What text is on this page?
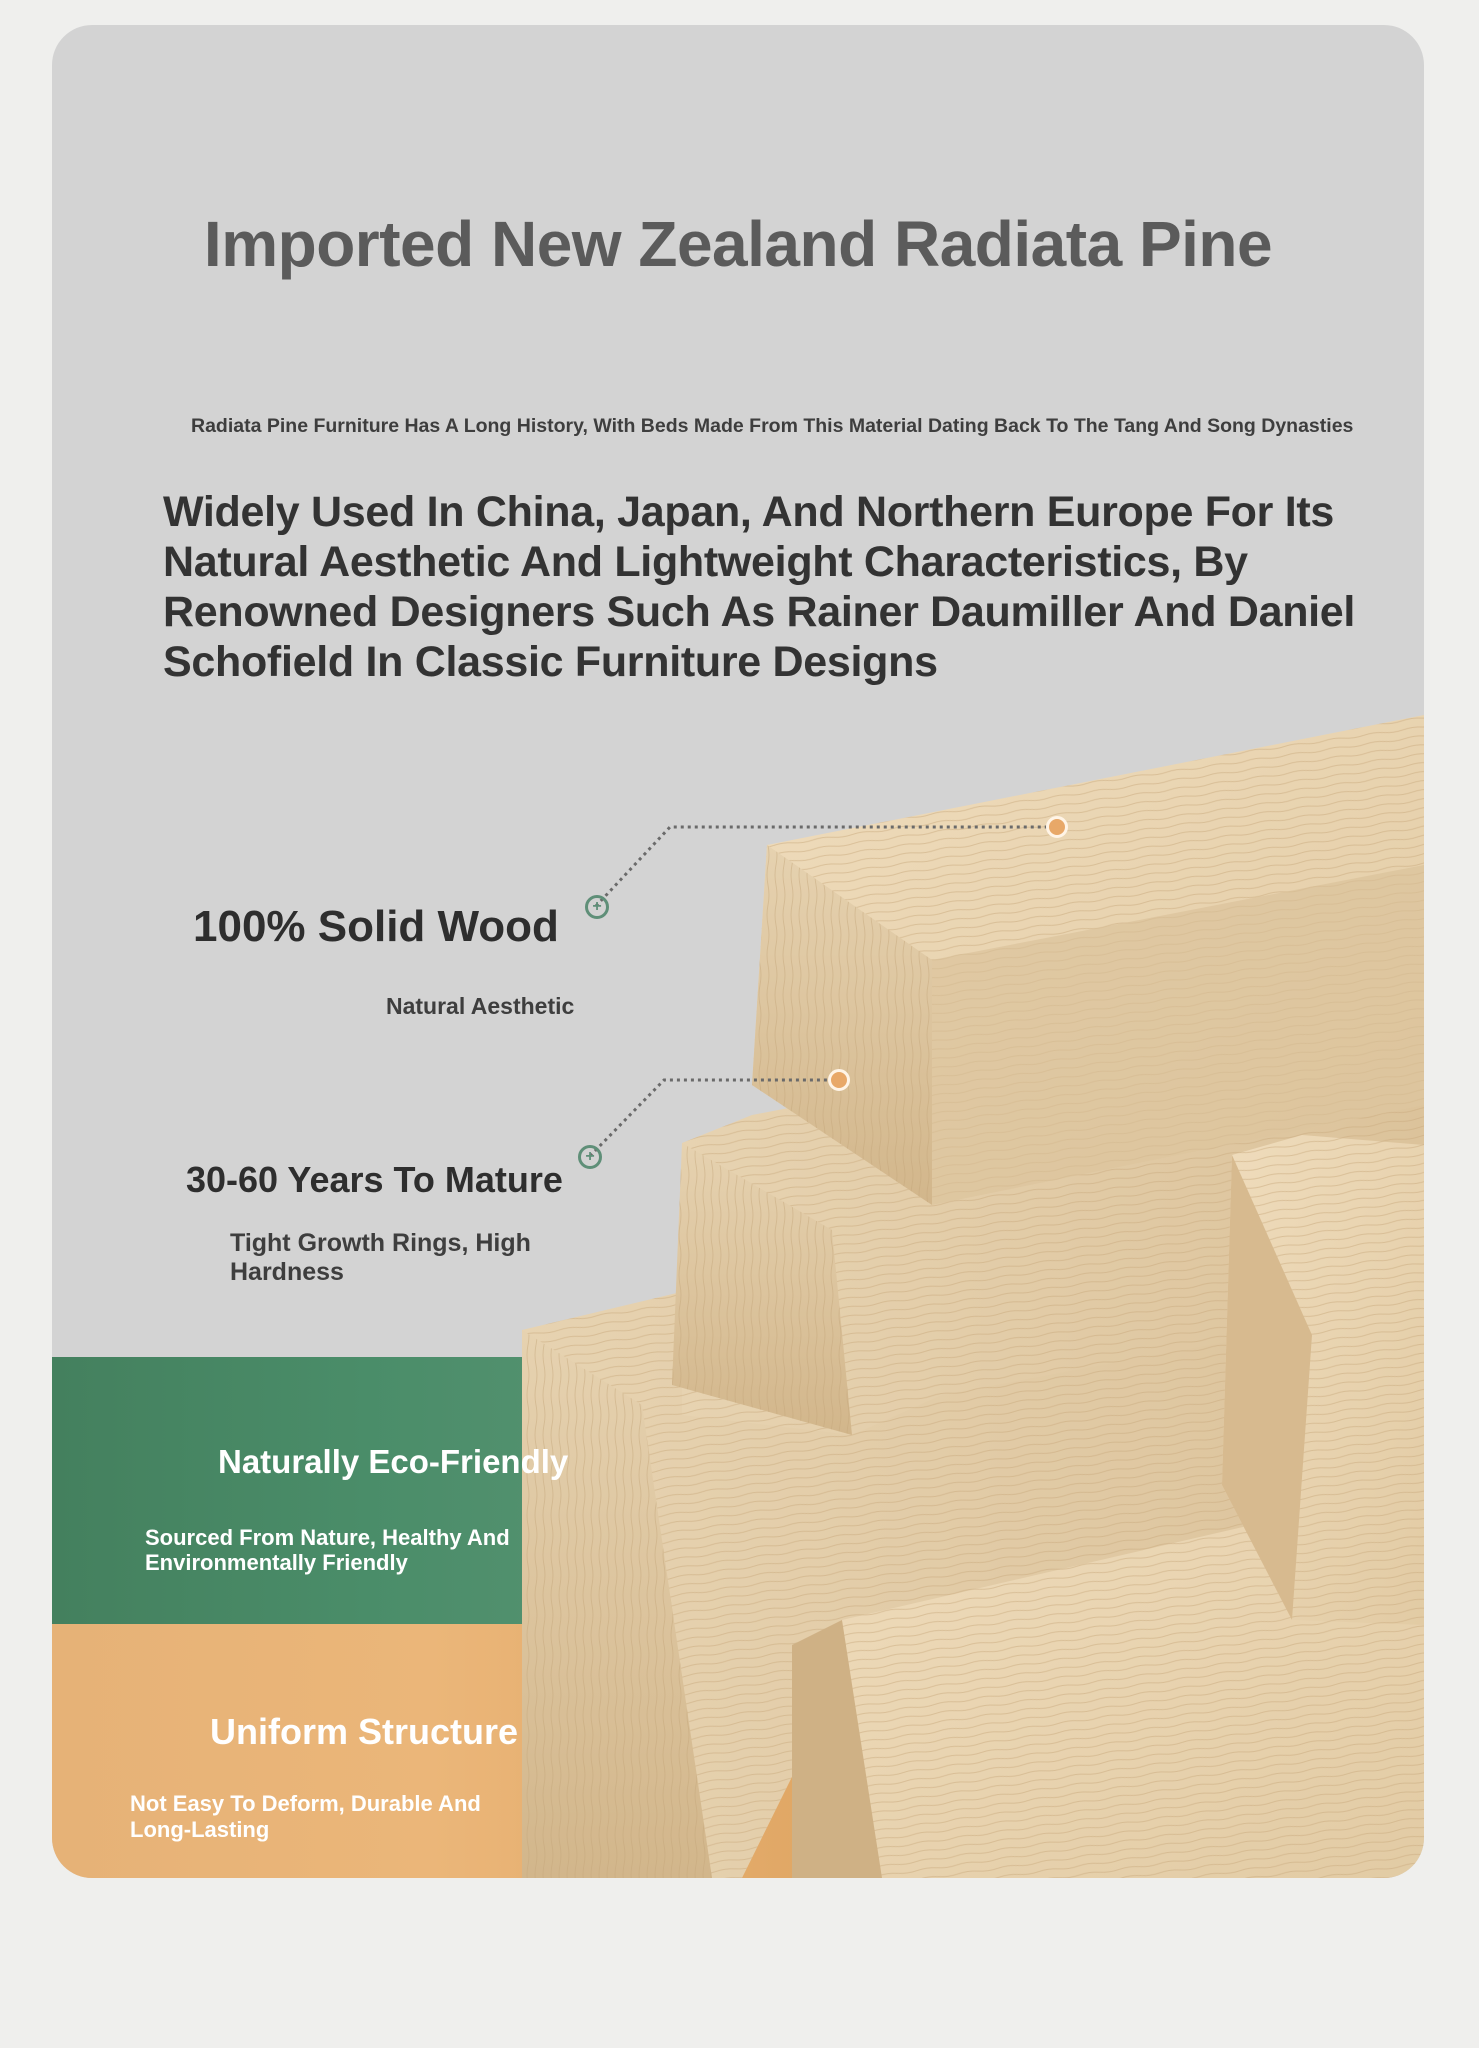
Imported New Zealand Radiata Pine
Radiata Pine Furniture Has A Long History, With Beds Made From This Material Dating Back To The Tang And Song Dynasties
Widely Used In China, Japan, And Northern Europe For Its Natural Aesthetic And Lightweight Characteristics, By Renowned Designers Such As Rainer Daumiller And Daniel Schofield In Classic Furniture Designs
+
+
100% Solid Wood
Natural Aesthetic
30-60 Years To Mature
Tight Growth Rings, High Hardness
Naturally Eco-Friendly
Sourced From Nature, Healthy And Environmentally Friendly
Uniform Structure
Not Easy To Deform, Durable And Long-Lasting
